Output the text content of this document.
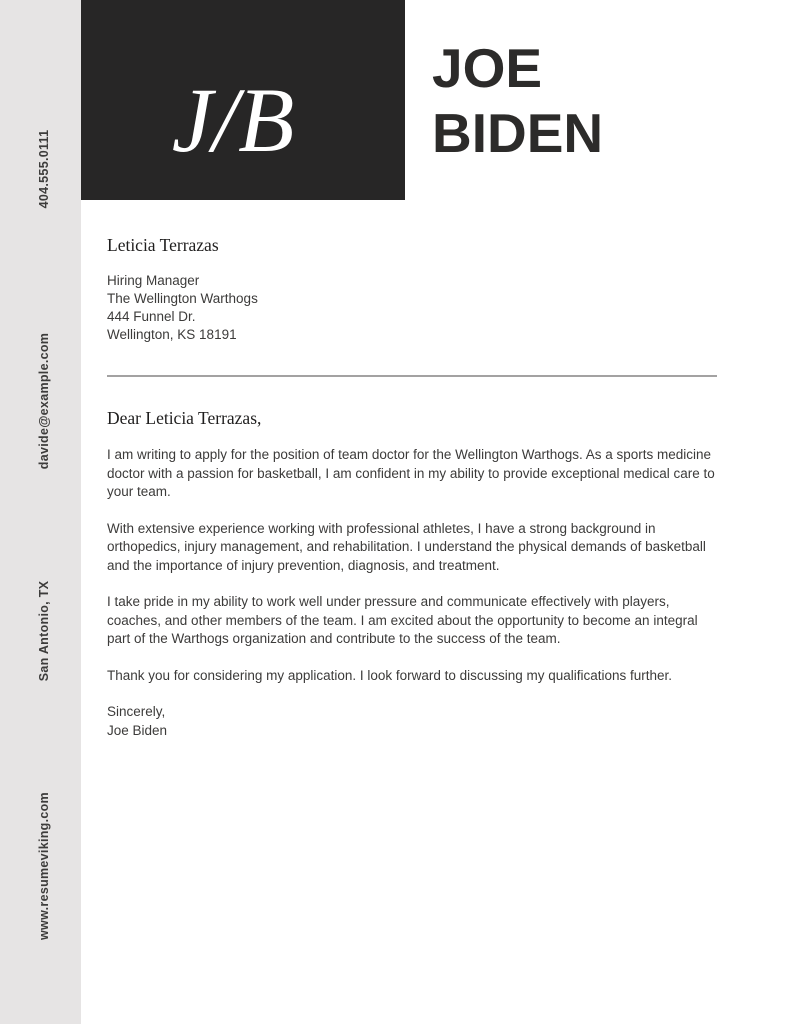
404.555.0111
davide@example.com
San Antonio, TX
www.resumeviking.com
J/B
JOE
BIDEN
Leticia Terrazas
Hiring Manager
The Wellington Warthogs
444 Funnel Dr.
Wellington, KS 18191
Dear Leticia Terrazas,

I am writing to apply for the position of team doctor for the Wellington Warthogs. As a sports medicine doctor with a passion for basketball, I am confident in my ability to provide exceptional medical care to your team.

With extensive experience working with professional athletes, I have a strong background in orthopedics, injury management, and rehabilitation. I understand the physical demands of basketball and the importance of injury prevention, diagnosis, and treatment.

I take pride in my ability to work well under pressure and communicate effectively with players, coaches, and other members of the team. I am excited about the opportunity to become an integral part of the Warthogs organization and contribute to the success of the team.

Thank you for considering my application. I look forward to discussing my qualifications further.

Sincerely,
Joe Biden
